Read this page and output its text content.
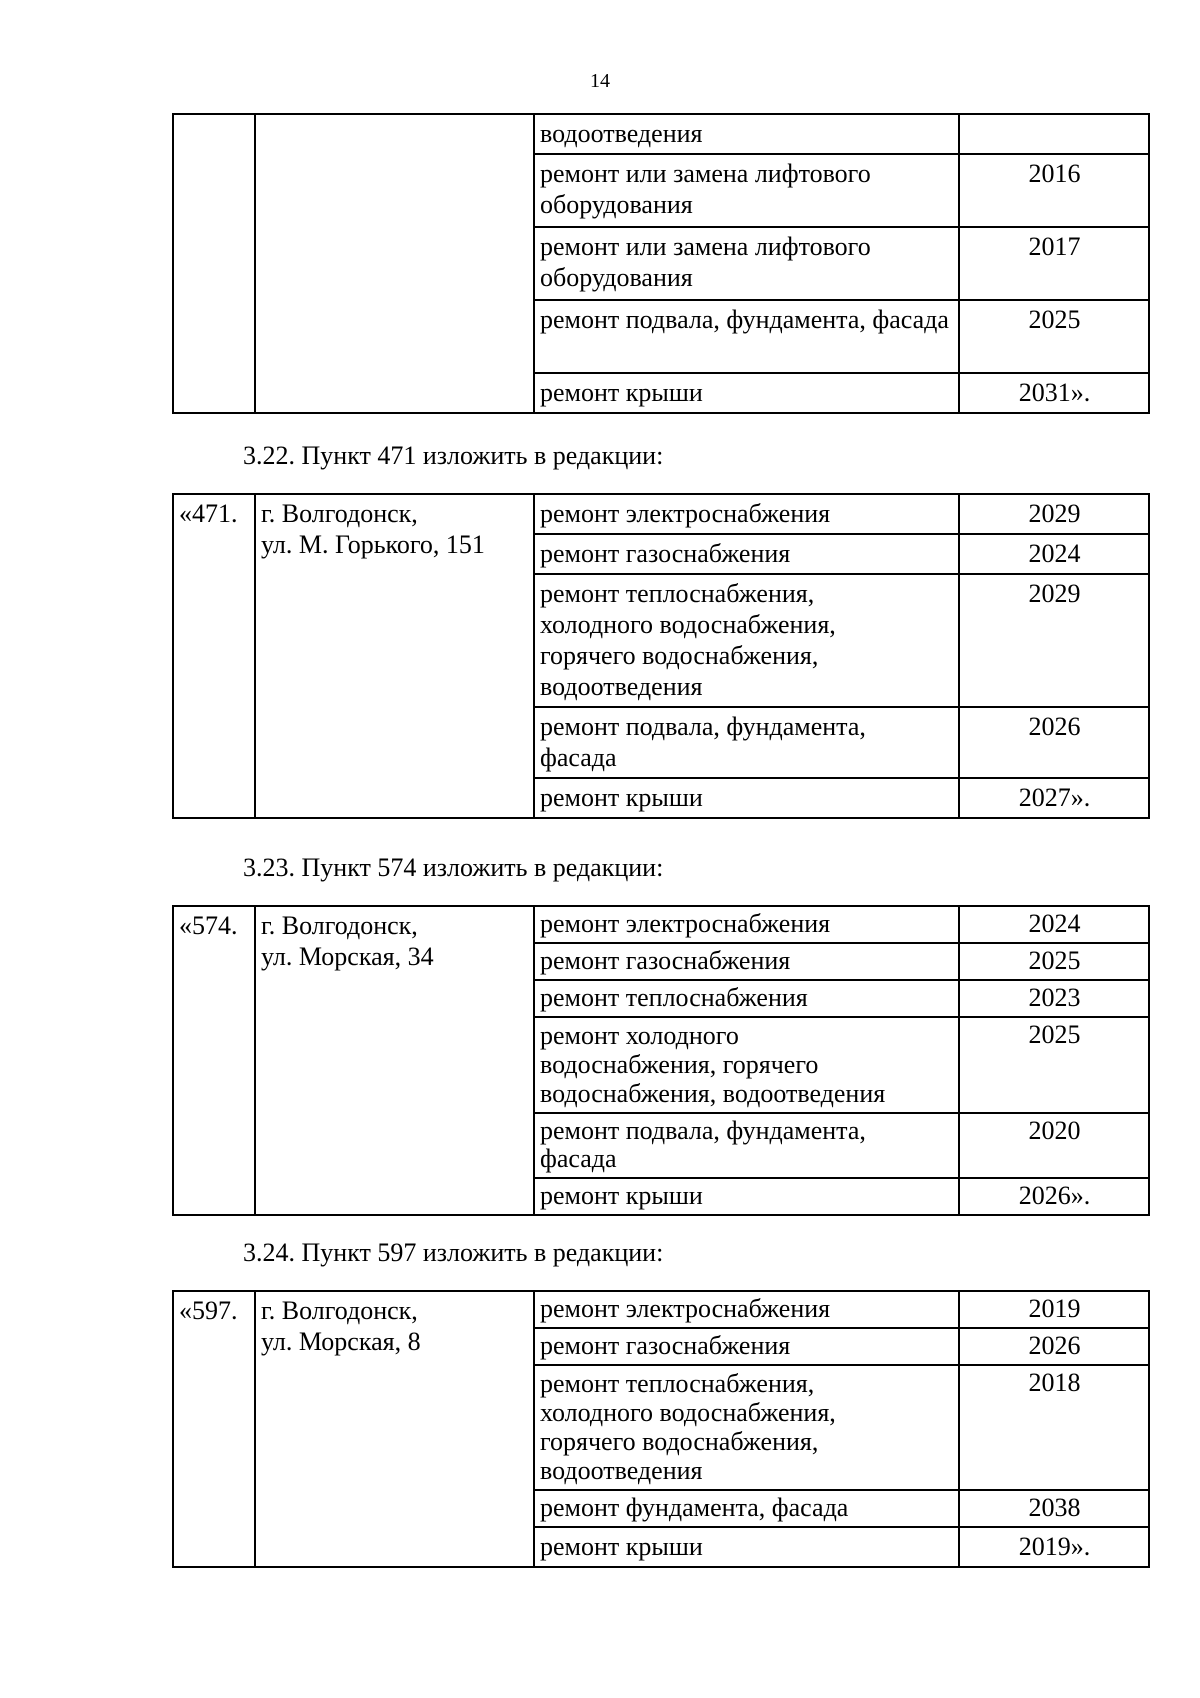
14
		водоотведения	
		ремонт или замена лифтового оборудования	2016
		ремонт или замена лифтового оборудования	2017
		ремонт подвала, фундамента, фасада	2025
		ремонт крыши	2031».
3.22. Пункт 471 изложить в редакции:
«471.	г. Волгодонск,
ул. М. Горького, 151	ремонт электроснабжения	2029
		ремонт газоснабжения	2024
		ремонт теплоснабжения,
холодного водоснабжения,
горячего водоснабжения,
водоотведения	2029
		ремонт подвала, фундамента,
фасада	2026
		ремонт крыши	2027».
3.23. Пункт 574 изложить в редакции:
«574.	г. Волгодонск,
ул. Морская, 34	ремонт электроснабжения	2024
		ремонт газоснабжения	2025
		ремонт теплоснабжения	2023
		ремонт холодного
водоснабжения, горячего
водоснабжения, водоотведения	2025
		ремонт подвала, фундамента,
фасада	2020
		ремонт крыши	2026».
3.24. Пункт 597 изложить в редакции:
«597.	г. Волгодонск,
ул. Морская, 8	ремонт электроснабжения	2019
		ремонт газоснабжения	2026
		ремонт теплоснабжения,
холодного водоснабжения,
горячего водоснабжения,
водоотведения	2018
		ремонт фундамента, фасада	2038
		ремонт крыши	2019».
